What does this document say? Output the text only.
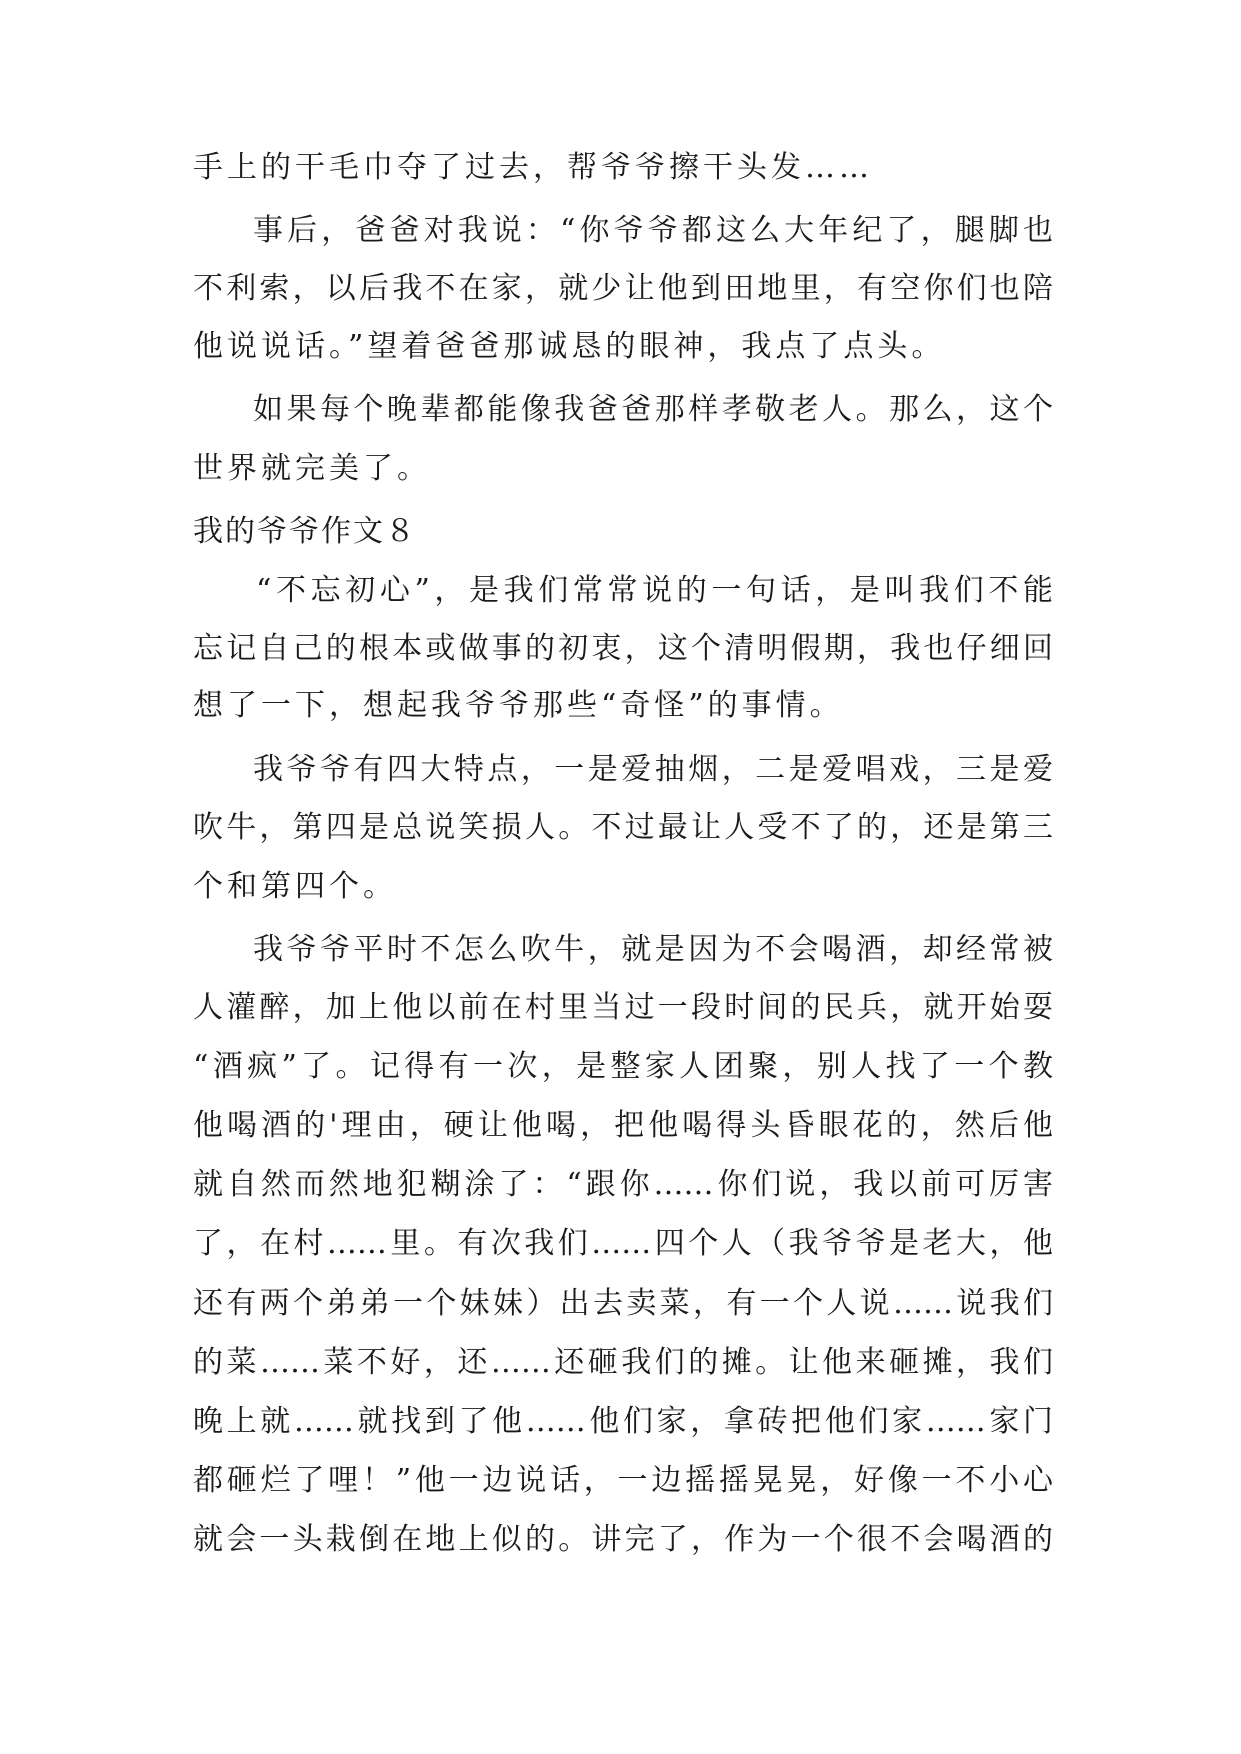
手上的干毛巾夺了过去，帮爷爷擦干头发……
事后，爸爸对我说：“你爷爷都这么大年纪了，腿脚也
不利索，以后我不在家，就少让他到田地里，有空你们也陪
他说说话。”望着爸爸那诚恳的眼神，我点了点头。
如果每个晚辈都能像我爸爸那样孝敬老人。那么，这个
世界就完美了。
我的爷爷作文８
“不忘初心”，是我们常常说的一句话，是叫我们不能
忘记自己的根本或做事的初衷，这个清明假期，我也仔细回
想了一下，想起我爷爷那些“奇怪”的事情。
我爷爷有四大特点，一是爱抽烟，二是爱唱戏，三是爱
吹牛，第四是总说笑损人。不过最让人受不了的，还是第三
个和第四个。
我爷爷平时不怎么吹牛，就是因为不会喝酒，却经常被
人灌醉，加上他以前在村里当过一段时间的民兵，就开始耍
“酒疯”了。记得有一次，是整家人团聚，别人找了一个教
他喝酒的'理由，硬让他喝，把他喝得头昏眼花的，然后他
就自然而然地犯糊涂了：“跟你……你们说，我以前可厉害
了，在村……里。有次我们……四个人（我爷爷是老大，他
还有两个弟弟一个妹妹）出去卖菜，有一个人说……说我们
的菜……菜不好，还……还砸我们的摊。让他来砸摊，我们
晚上就……就找到了他……他们家，拿砖把他们家……家门
都砸烂了哩！”他一边说话，一边摇摇晃晃，好像一不小心
就会一头栽倒在地上似的。讲完了，作为一个很不会喝酒的
